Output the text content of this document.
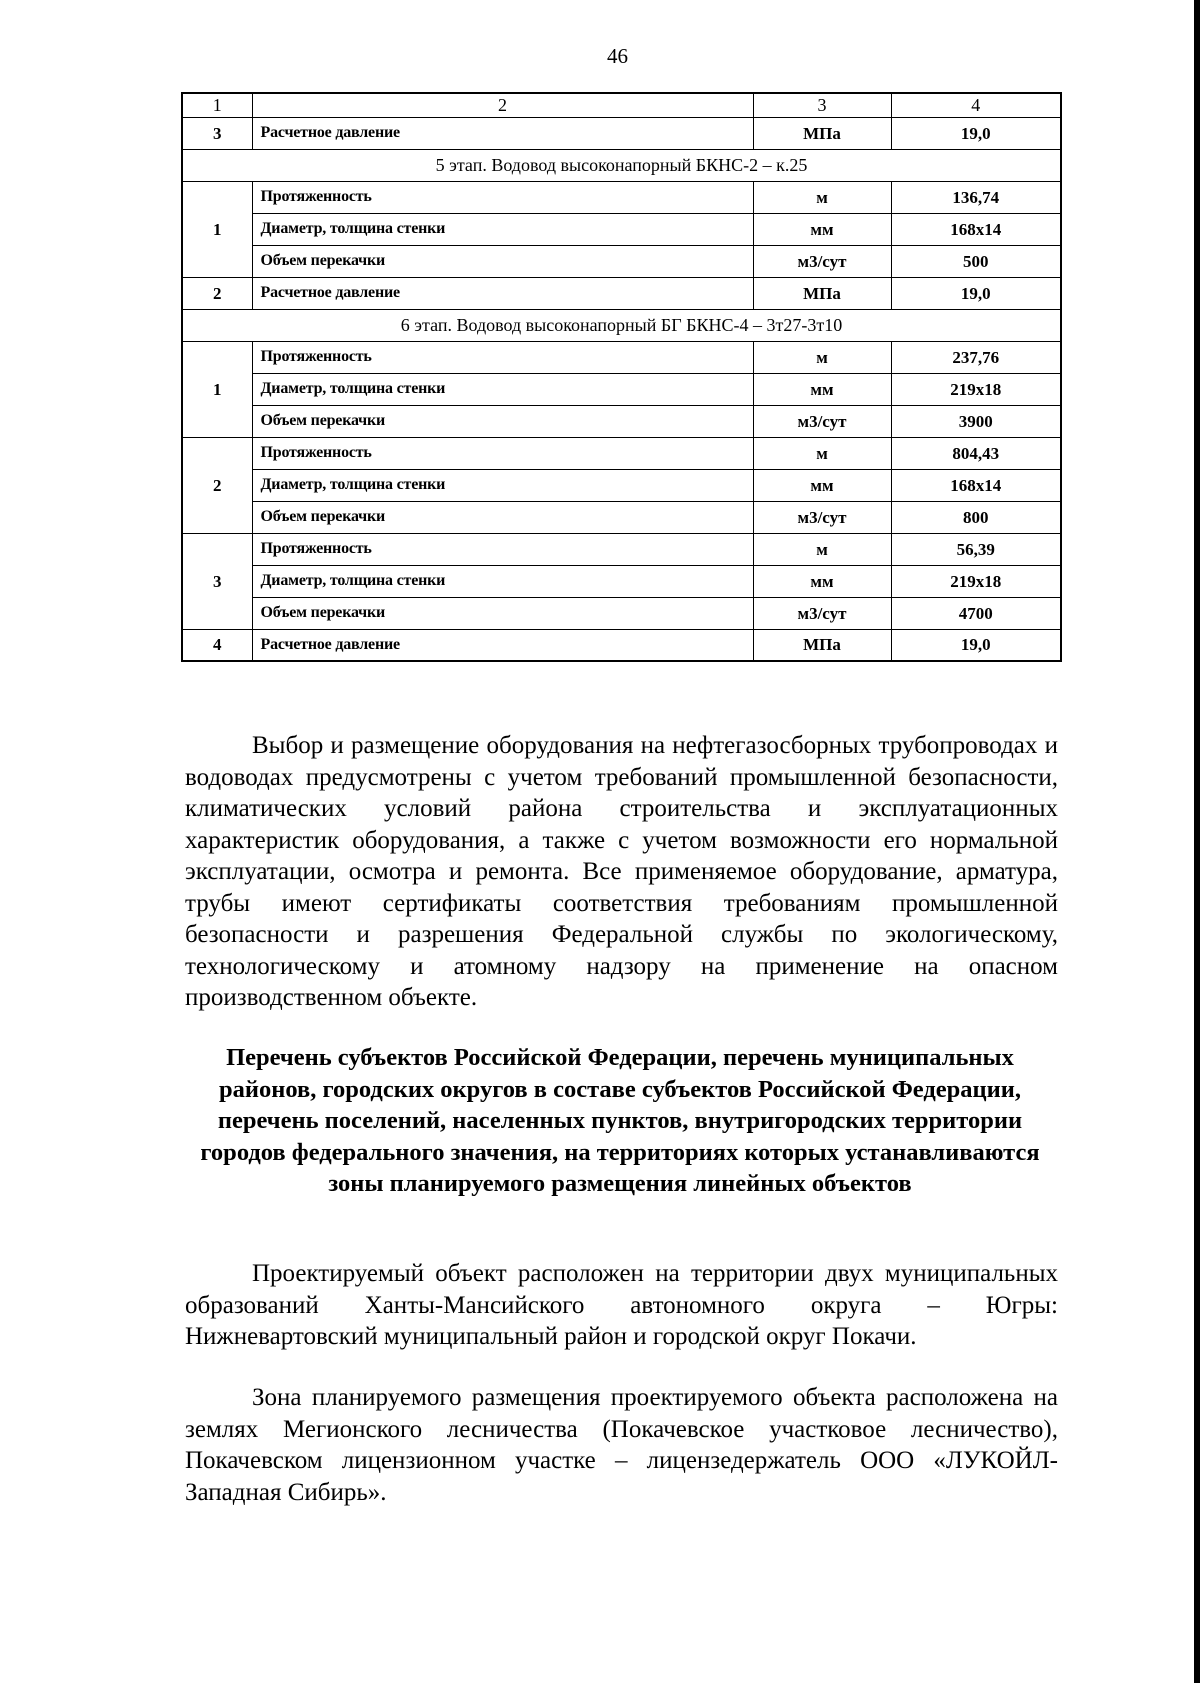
46
1	2	3	4
3	Расчетное давление	МПа	19,0
5 этап. Водовод высоконапорный БКНС-2 – к.25			
1	Протяженность	м	136,74
	Диаметр, толщина стенки	мм	168x14
	Объем перекачки	м3/сут	500
2	Расчетное давление	МПа	19,0
6 этап. Водовод высоконапорный БГ БКНС-4 – 3т27-3т10			
1	Протяженность	м	237,76
	Диаметр, толщина стенки	мм	219x18
	Объем перекачки	м3/сут	3900
2	Протяженность	м	804,43
	Диаметр, толщина стенки	мм	168x14
	Объем перекачки	м3/сут	800
3	Протяженность	м	56,39
	Диаметр, толщина стенки	мм	219x18
	Объем перекачки	м3/сут	4700
4	Расчетное давление	МПа	19,0

Выбор и размещение оборудования на нефтегазосборных трубопроводах и водоводах предусмотрены с учетом требований промышленной безопасности, климатических условий района строительства и эксплуатационных характеристик оборудования, а также с учетом возможности его нормальной эксплуатации, осмотра и ремонта. Все применяемое оборудование, арматура, трубы имеют сертификаты соответствия требованиям промышленной безопасности и разрешения Федеральной службы по экологическому, технологическому и атомному надзору на применение на опасном производственном объекте.

Перечень субъектов Российской Федерации, перечень муниципальных районов, городских округов в составе субъектов Российской Федерации, перечень поселений, населенных пунктов, внутригородских территории городов федерального значения, на территориях которых устанавливаются зоны планируемого размещения линейных объектов

Проектируемый объект расположен на территории двух муниципальных образований Ханты-Мансийского автономного округа – Югры: Нижневартовский муниципальный район и городской округ Покачи.

Зона планируемого размещения проектируемого объекта расположена на землях Мегионского лесничества (Покачевское участковое лесничество), Покачевском лицензионном участке – лицензедержатель ООО «ЛУКОЙЛ-Западная Сибирь».
